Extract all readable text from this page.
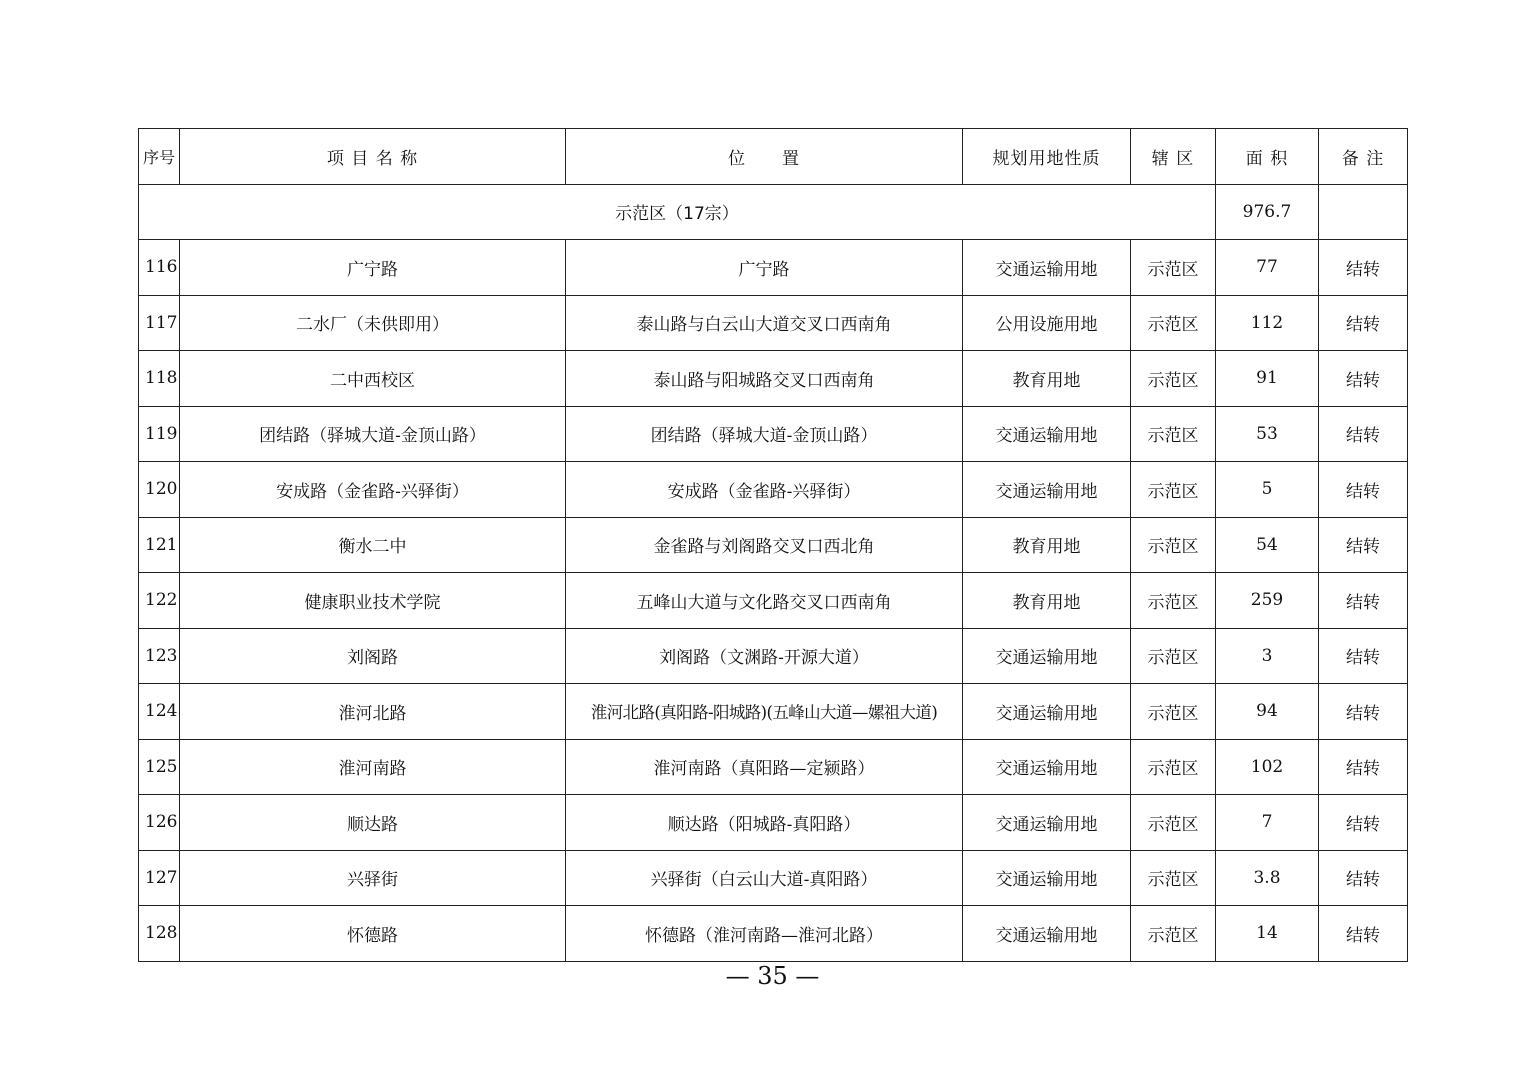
序号	项 目 名 称	位　　置	规划用地性质	辖 区	面 积	备 注
示范区（17宗）					976.7	
116	广宁路	广宁路	交通运输用地	示范区	77	结转
117	二水厂（未供即用）	泰山路与白云山大道交叉口西南角	公用设施用地	示范区	112	结转
118	二中西校区	泰山路与阳城路交叉口西南角	教育用地	示范区	91	结转
119	团结路（驿城大道-金顶山路）	团结路（驿城大道-金顶山路）	交通运输用地	示范区	53	结转
120	安成路（金雀路-兴驿街）	安成路（金雀路-兴驿街）	交通运输用地	示范区	5	结转
121	衡水二中	金雀路与刘阁路交叉口西北角	教育用地	示范区	54	结转
122	健康职业技术学院	五峰山大道与文化路交叉口西南角	教育用地	示范区	259	结转
123	刘阁路	刘阁路（文渊路-开源大道）	交通运输用地	示范区	3	结转
124	淮河北路	淮河北路(真阳路-阳城路)(五峰山大道—嫘祖大道)	交通运输用地	示范区	94	结转
125	淮河南路	淮河南路（真阳路—定颍路）	交通运输用地	示范区	102	结转
126	顺达路	顺达路（阳城路-真阳路）	交通运输用地	示范区	7	结转
127	兴驿街	兴驿街（白云山大道-真阳路）	交通运输用地	示范区	3.8	结转
128	怀德路	怀德路（淮河南路—淮河北路）	交通运输用地	示范区	14	结转
— 35 —
